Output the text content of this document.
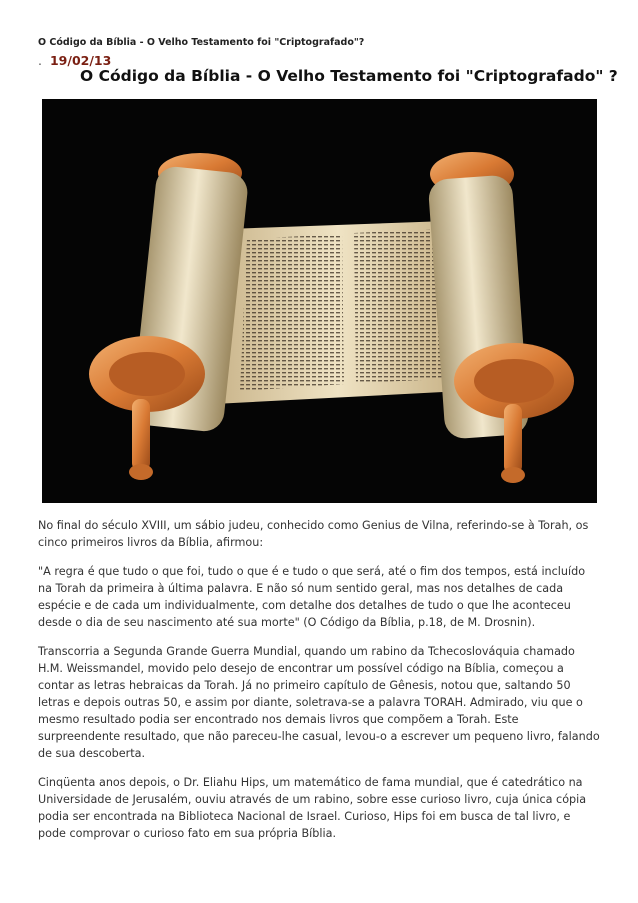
O Código da Bíblia - O Velho Testamento foi "Criptografado"?
. 19/02/13
O Código da Bíblia - O Velho Testamento foi "Criptografado" ?

No final do século XVIII, um sábio judeu, conhecido como Genius de Vilna, referindo-se à Torah, os cinco primeiros livros da Bíblia, afirmou:

"A regra é que tudo o que foi, tudo o que é e tudo o que será, até o fim dos tempos, está incluído na Torah da primeira à última palavra. E não só num sentido geral, mas nos detalhes de cada espécie e de cada um individualmente, com detalhe dos detalhes de tudo o que lhe aconteceu desde o dia de seu nascimento até sua morte" (O Código da Bíblia, p.18, de M. Drosnin).

Transcorria a Segunda Grande Guerra Mundial, quando um rabino da Tchecoslováquia chamado H.M. Weissmandel, movido pelo desejo de encontrar um possível código na Bíblia, começou a contar as letras hebraicas da Torah. Já no primeiro capítulo de Gênesis, notou que, saltando 50 letras e depois outras 50, e assim por diante, soletrava-se a palavra TORAH. Admirado, viu que o mesmo resultado podia ser encontrado nos demais livros que compõem a Torah. Este surpreendente resultado, que não pareceu-lhe casual, levou-o a escrever um pequeno livro, falando de sua descoberta.

Cinqüenta anos depois, o Dr. Eliahu Hips, um matemático de fama mundial, que é catedrático na Universidade de Jerusalém, ouviu através de um rabino, sobre esse curioso livro, cuja única cópia podia ser encontrada na Biblioteca Nacional de Israel. Curioso, Hips foi em busca de tal livro, e pode comprovar o curioso fato em sua própria Bíblia.
